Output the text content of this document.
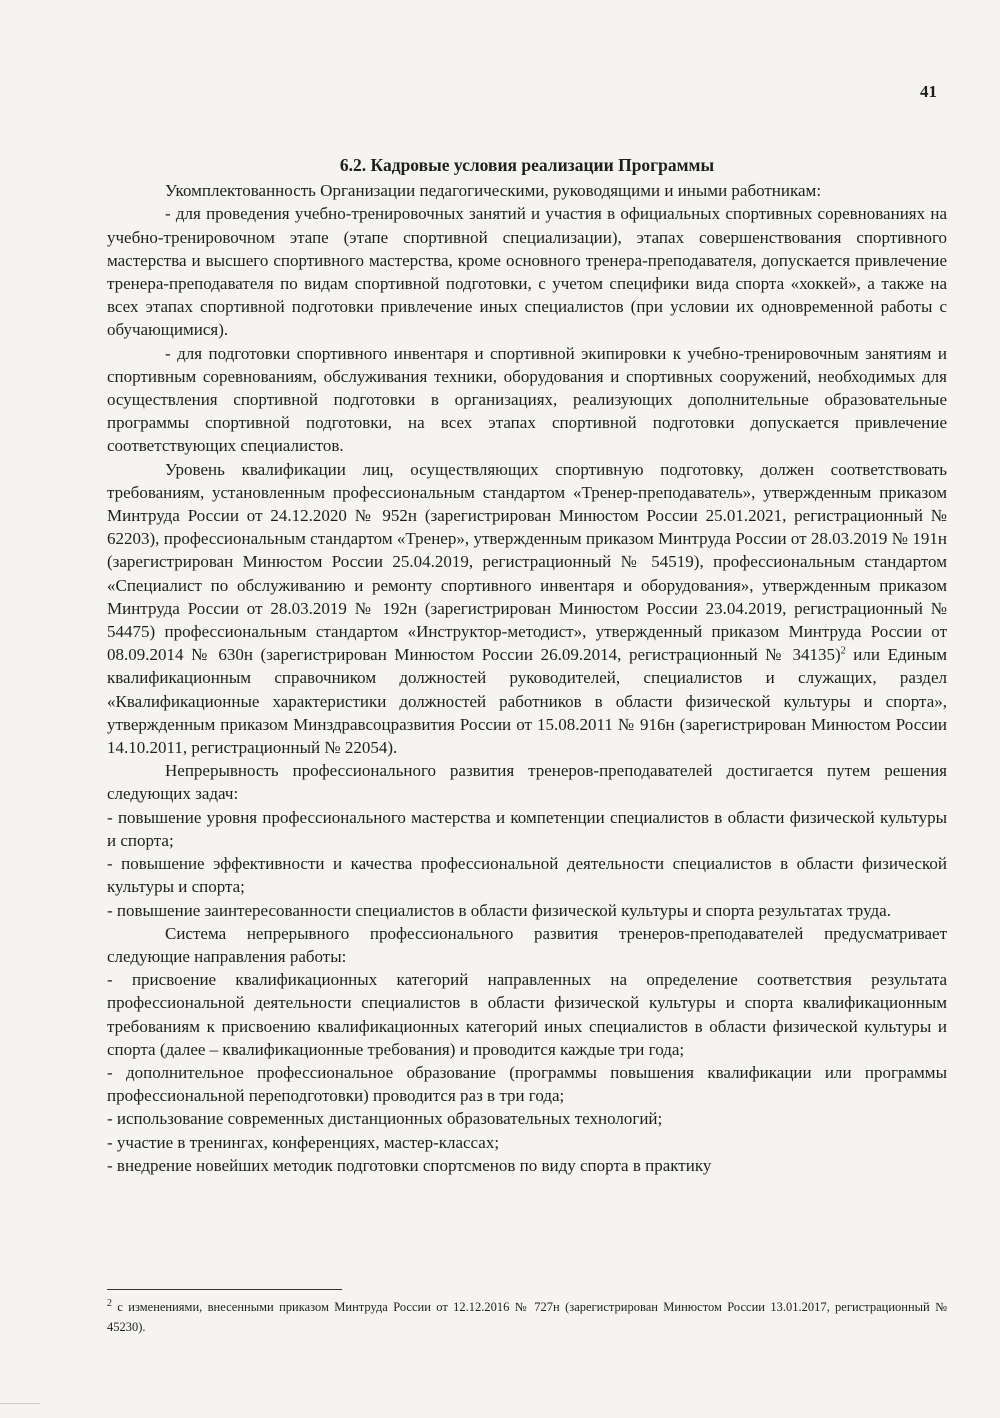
41
6.2. Кадровые условия реализации Программы

Укомплектованность Организации педагогическими, руководящими и иными работникам:

- для проведения учебно-тренировочных занятий и участия в официальных спортивных соревнованиях на учебно-тренировочном этапе (этапе спортивной специализации), этапах совершенствования спортивного мастерства и высшего спортивного мастерства, кроме основного тренера-преподавателя, допускается привлечение тренера-преподавателя по видам спортивной подготовки, с учетом специфики вида спорта «хоккей», а также на всех этапах спортивной подготовки привлечение иных специалистов (при условии их одновременной работы с обучающимися).

- для подготовки спортивного инвентаря и спортивной экипировки к учебно-тренировочным занятиям и спортивным соревнованиям, обслуживания техники, оборудования и спортивных сооружений, необходимых для осуществления спортивной подготовки в организациях, реализующих дополнительные образовательные программы спортивной подготовки, на всех этапах спортивной подготовки допускается привлечение соответствующих специалистов.

Уровень квалификации лиц, осуществляющих спортивную подготовку, должен соответствовать требованиям, установленным профессиональным стандартом «Тренер-преподаватель», утвержденным приказом Минтруда России от 24.12.2020 № 952н (зарегистрирован Минюстом России 25.01.2021, регистрационный № 62203), профессиональным стандартом «Тренер», утвержденным приказом Минтруда России от 28.03.2019 № 191н (зарегистрирован Минюстом России 25.04.2019, регистрационный № 54519), профессиональным стандартом «Специалист по обслуживанию и ремонту спортивного инвентаря и оборудования», утвержденным приказом Минтруда России от 28.03.2019 № 192н (зарегистрирован Минюстом России 23.04.2019, регистрационный № 54475) профессиональным стандартом «Инструктор-методист», утвержденный приказом Минтруда России от 08.09.2014 № 630н (зарегистрирован Минюстом России 26.09.2014, регистрационный № 34135)$^2$ или Единым квалификационным справочником должностей руководителей, специалистов и служащих, раздел «Квалификационные характеристики должностей работников в области физической культуры и спорта», утвержденным приказом Минздравсоцразвития России от 15.08.2011 № 916н (зарегистрирован Минюстом России 14.10.2011, регистрационный № 22054).

Непрерывность профессионального развития тренеров-преподавателей достигается путем решения следующих задач:

- повышение уровня профессионального мастерства и компетенции специалистов в области физической культуры и спорта;

- повышение эффективности и качества профессиональной деятельности специалистов в области физической культуры и спорта;

- повышение заинтересованности специалистов в области физической культуры и спорта результатах труда.

Система непрерывного профессионального развития тренеров-преподавателей предусматривает следующие направления работы:

- присвоение квалификационных категорий направленных на определение соответствия результата профессиональной деятельности специалистов в области физической культуры и спорта квалификационным требованиям к присвоению квалификационных категорий иных специалистов в области физической культуры и спорта (далее – квалификационные требования) и проводится каждые три года;

- дополнительное профессиональное образование (программы повышения квалификации или программы профессиональной переподготовки) проводится раз в три года;

- использование современных дистанционных образовательных технологий;

- участие в тренингах, конференциях, мастер-классах;

- внедрение новейших методик подготовки спортсменов по виду спорта в практику

$^2$ с изменениями, внесенными приказом Минтруда России от 12.12.2016 № 727н (зарегистрирован Минюстом России 13.01.2017, регистрационный № 45230).
